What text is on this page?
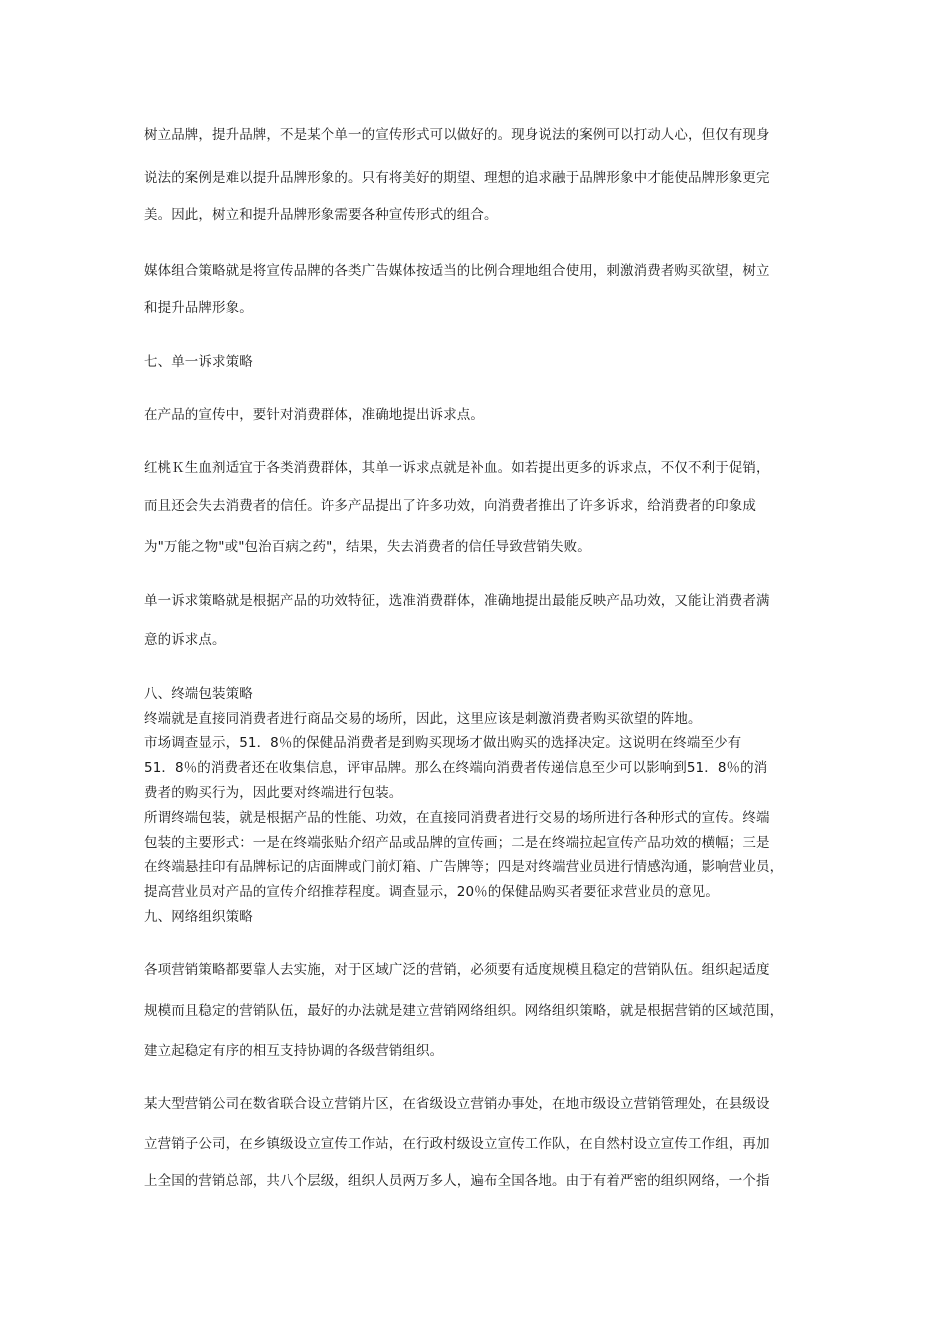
树立品牌，提升品牌，不是某个单一的宣传形式可以做好的。现身说法的案例可以打动人心，但仅有现身
说法的案例是难以提升品牌形象的。只有将美好的期望、理想的追求融于品牌形象中才能使品牌形象更完
美。因此，树立和提升品牌形象需要各种宣传形式的组合。
媒体组合策略就是将宣传品牌的各类广告媒体按适当的比例合理地组合使用，刺激消费者购买欲望，树立
和提升品牌形象。
七、单一诉求策略
在产品的宣传中，要针对消费群体，准确地提出诉求点。
红桃Ｋ生血剂适宜于各类消费群体，其单一诉求点就是补血。如若提出更多的诉求点，不仅不利于促销，
而且还会失去消费者的信任。许多产品提出了许多功效，向消费者推出了许多诉求，给消费者的印象成
为"万能之物"或"包治百病之药"，结果，失去消费者的信任导致营销失败。
单一诉求策略就是根据产品的功效特征，选准消费群体，准确地提出最能反映产品功效，又能让消费者满
意的诉求点。
八、终端包装策略
终端就是直接同消费者进行商品交易的场所，因此，这里应该是刺激消费者购买欲望的阵地。
市场调查显示，51．8％的保健品消费者是到购买现场才做出购买的选择决定。这说明在终端至少有
51．8％的消费者还在收集信息，评审品牌。那么在终端向消费者传递信息至少可以影响到51．8％的消
费者的购买行为，因此要对终端进行包装。
所谓终端包装，就是根据产品的性能、功效，在直接同消费者进行交易的场所进行各种形式的宣传。终端
包装的主要形式：一是在终端张贴介绍产品或品牌的宣传画；二是在终端拉起宣传产品功效的横幅；三是
在终端悬挂印有品牌标记的店面牌或门前灯箱、广告牌等；四是对终端营业员进行情感沟通，影响营业员，
提高营业员对产品的宣传介绍推荐程度。调查显示，20％的保健品购买者要征求营业员的意见。
九、网络组织策略
各项营销策略都要靠人去实施，对于区域广泛的营销，必须要有适度规模且稳定的营销队伍。组织起适度
规模而且稳定的营销队伍，最好的办法就是建立营销网络组织。网络组织策略，就是根据营销的区域范围，
建立起稳定有序的相互支持协调的各级营销组织。
某大型营销公司在数省联合设立营销片区，在省级设立营销办事处，在地市级设立营销管理处，在县级设
立营销子公司，在乡镇级设立宣传工作站，在行政村级设立宣传工作队，在自然村设立宣传工作组，再加
上全国的营销总部，共八个层级，组织人员两万多人，遍布全国各地。由于有着严密的组织网络，一个指
